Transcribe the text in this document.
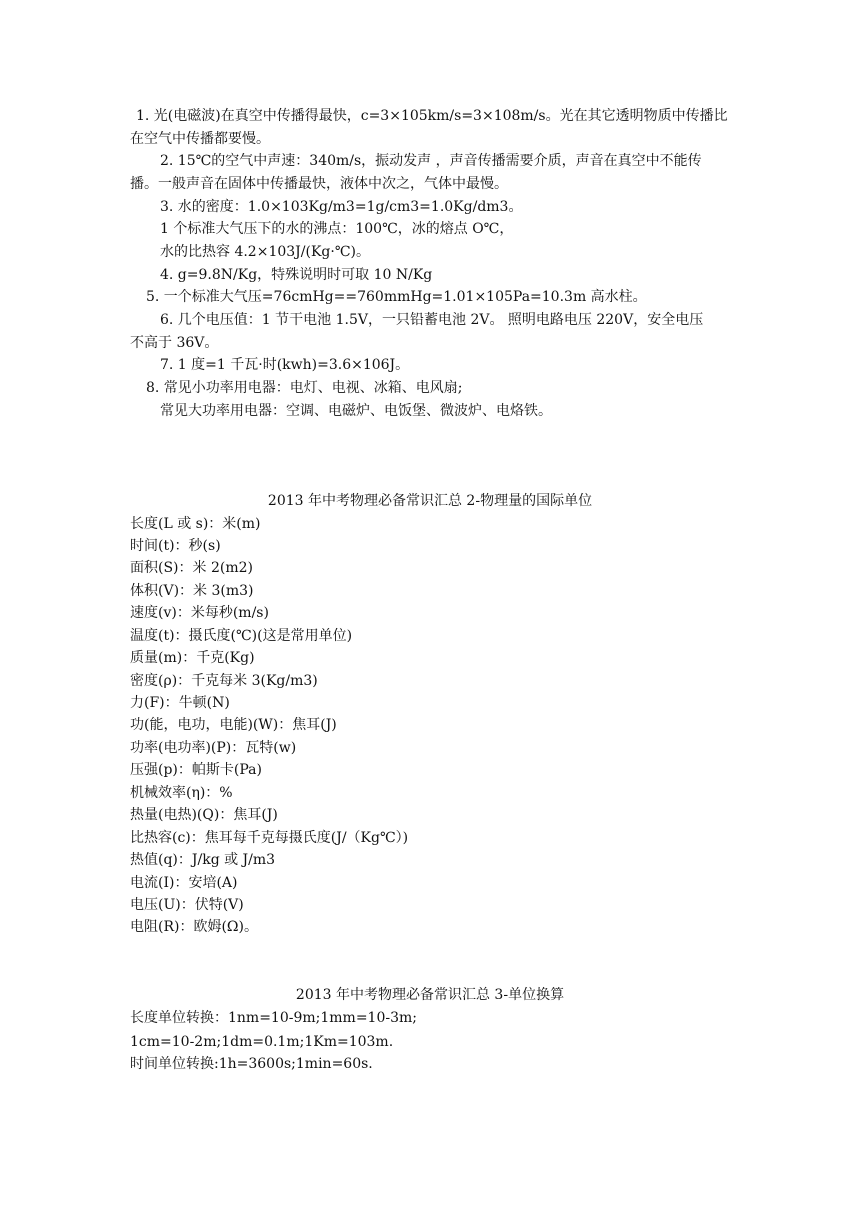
1. 光(电磁波)在真空中传播得最快，c=3×105km/s=3×108m/s。光在其它透明物质中传播比
在空气中传播都要慢。
2. 15℃的空气中声速：340m/s，振动发声 ，声音传播需要介质，声音在真空中不能传
播。一般声音在固体中传播最快，液体中次之，气体中最慢。
3. 水的密度：1.0×103Kg/m3=1g/cm3=1.0Kg/dm3。
1 个标准大气压下的水的沸点：100℃，冰的熔点 O℃，
水的比热容 4.2×103J/(Kg·℃)。
4. g=9.8N/Kg，特殊说明时可取 10 N/Kg
5. 一个标准大气压=76cmHg==760mmHg=1.01×105Pa=10.3m 高水柱。
6. 几个电压值：1 节干电池 1.5V，一只铅蓄电池 2V。 照明电路电压 220V，安全电压
不高于 36V。
7. 1 度=1 千瓦·时(kwh)=3.6×106J。
8. 常见小功率用电器：电灯、电视、冰箱、电风扇;
常见大功率用电器：空调、电磁炉、电饭堡、微波炉、电烙铁。
2013 年中考物理必备常识汇总 2-物理量的国际单位
长度(L 或 s)：米(m)
时间(t)：秒(s)
面积(S)：米 2(m2)
体积(V)：米 3(m3)
速度(v)：米每秒(m/s)
温度(t)：摄氏度(℃)(这是常用单位)
质量(m)：千克(Kg)
密度(ρ)：千克每米 3(Kg/m3)
力(F)：牛顿(N)
功(能，电功，电能)(W)：焦耳(J)
功率(电功率)(P)：瓦特(w)
压强(p)：帕斯卡(Pa)
机械效率(η)：%
热量(电热)(Q)：焦耳(J)
比热容(c)：焦耳每千克每摄氏度(J/（Kg℃）)
热值(q)：J/kg 或 J/m3
电流(I)：安培(A)
电压(U)：伏特(V)
电阻(R)：欧姆(Ω)。
2013 年中考物理必备常识汇总 3-单位换算
长度单位转换：1nm=10-9m;1mm=10-3m;
1cm=10-2m;1dm=0.1m;1Km=103m.
时间单位转换:1h=3600s;1min=60s.
